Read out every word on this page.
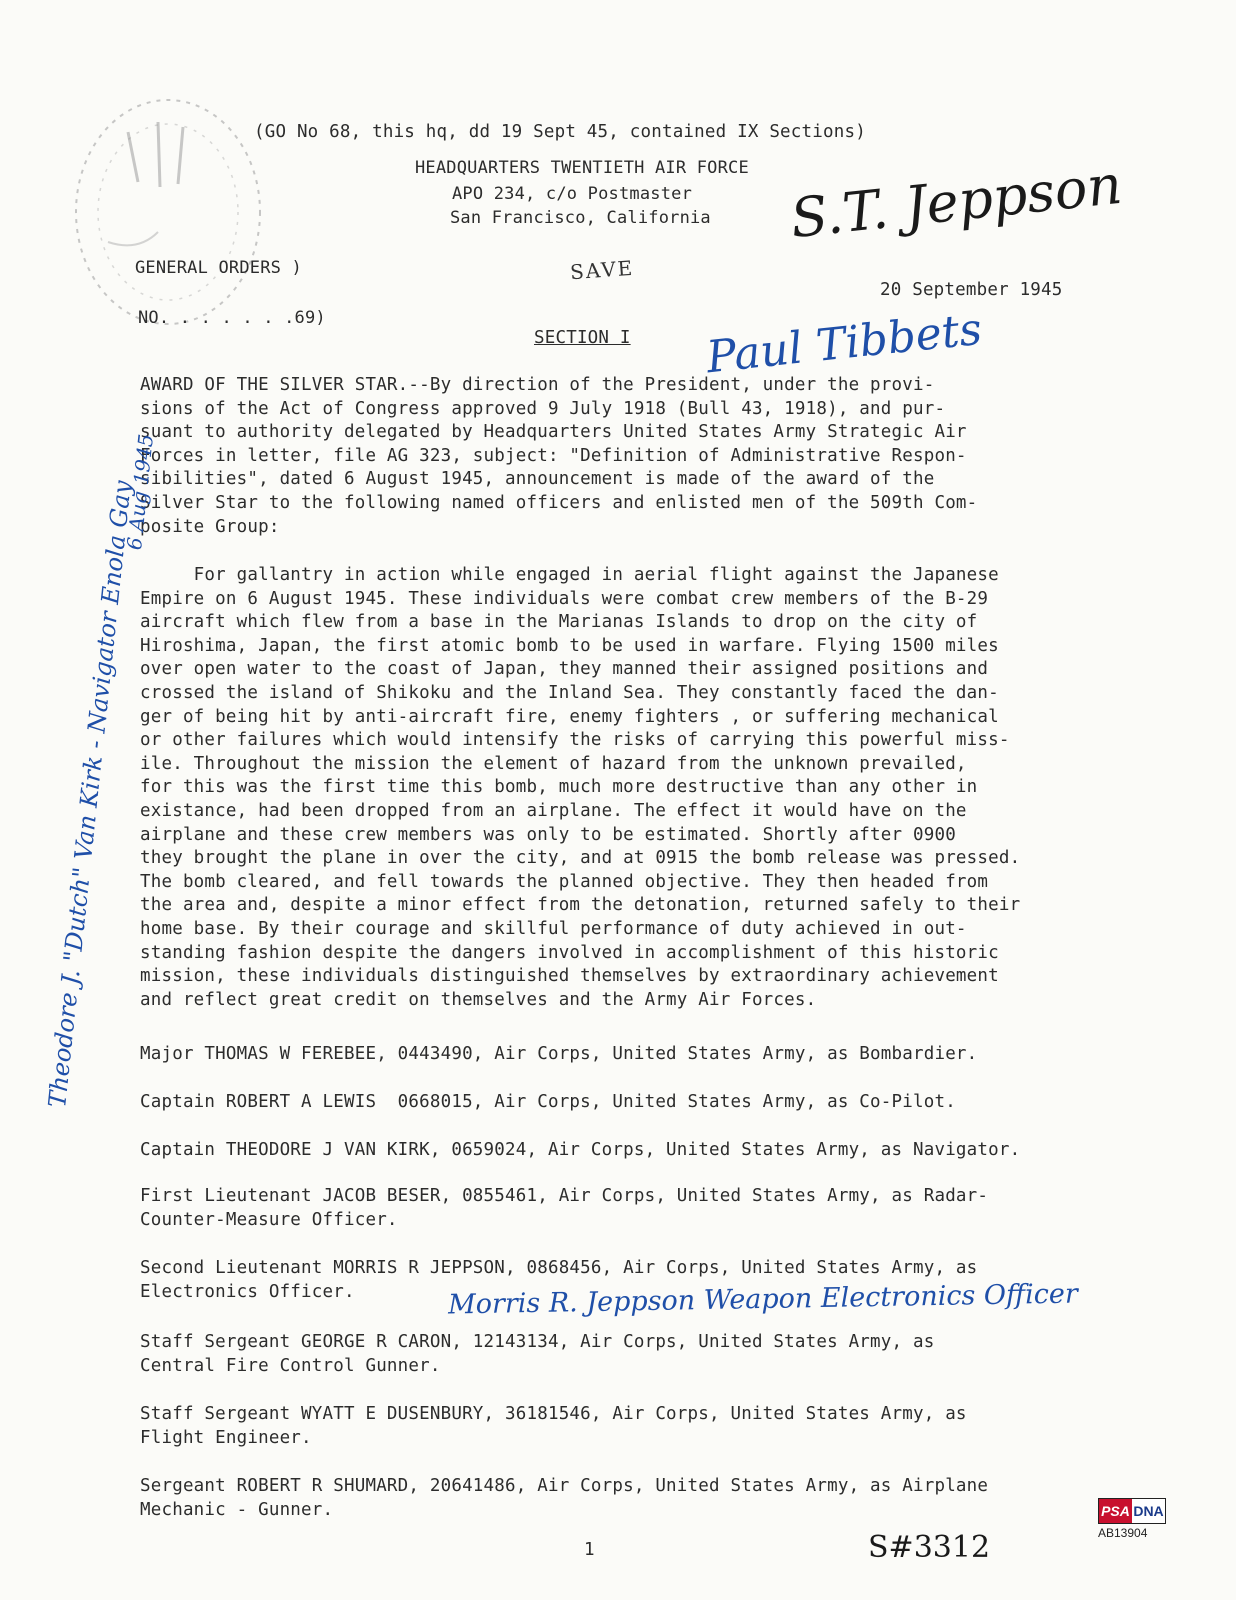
(GO No 68, this hq, dd 19 Sept 45, contained IX Sections)
HEADQUARTERS TWENTIETH AIR FORCE
APO 234, c/o Postmaster
San Francisco, California S.T. Jeppson
GENERAL ORDERS )
NO. . . . . . .69)
SAVE
20 September 1945
SECTION I Paul Tibbets
AWARD OF THE SILVER STAR.--By direction of the President, under the provi-
sions of the Act of Congress approved 9 July 1918 (Bull 43, 1918), and pur-
suant to authority delegated by Headquarters United States Army Strategic Air
Forces in letter, file AG 323, subject: "Definition of Administrative Respon-
sibilities", dated 6 August 1945, announcement is made of the award of the
Silver Star to the following named officers and enlisted men of the 509th Com-
posite Group:
For gallantry in action while engaged in aerial flight against the Japanese
Empire on 6 August 1945. These individuals were combat crew members of the B-29
aircraft which flew from a base in the Marianas Islands to drop on the city of
Hiroshima, Japan, the first atomic bomb to be used in warfare. Flying 1500 miles
over open water to the coast of Japan, they manned their assigned positions and
crossed the island of Shikoku and the Inland Sea. They constantly faced the dan-
ger of being hit by anti-aircraft fire, enemy fighters , or suffering mechanical
or other failures which would intensify the risks of carrying this powerful miss-
ile. Throughout the mission the element of hazard from the unknown prevailed,
for this was the first time this bomb, much more destructive than any other in
existance, had been dropped from an airplane. The effect it would have on the
airplane and these crew members was only to be estimated. Shortly after 0900
they brought the plane in over the city, and at 0915 the bomb release was pressed.
The bomb cleared, and fell towards the planned objective. They then headed from
the area and, despite a minor effect from the detonation, returned safely to their
home base. By their courage and skillful performance of duty achieved in out-
standing fashion despite the dangers involved in accomplishment of this historic
mission, these individuals distinguished themselves by extraordinary achievement
and reflect great credit on themselves and the Army Air Forces.
Major THOMAS W FEREBEE, 0443490, Air Corps, United States Army, as Bombardier.
Captain ROBERT A LEWIS  0668015, Air Corps, United States Army, as Co-Pilot.
Captain THEODORE J VAN KIRK, 0659024, Air Corps, United States Army, as Navigator.
First Lieutenant JACOB BESER, 0855461, Air Corps, United States Army, as Radar-
Counter-Measure Officer.
Second Lieutenant MORRIS R JEPPSON, 0868456, Air Corps, United States Army, as
Electronics Officer.
Staff Sergeant GEORGE R CARON, 12143134, Air Corps, United States Army, as
Central Fire Control Gunner.
Staff Sergeant WYATT E DUSENBURY, 36181546, Air Corps, United States Army, as
Flight Engineer.
Sergeant ROBERT R SHUMARD, 20641486, Air Corps, United States Army, as Airplane
Mechanic - Gunner.
Morris R. Jeppson Weapon Electronics Officer
Theodore J. "Dutch" Van Kirk - Navigator Enola Gay
6 Aug 1945
S#3312
1
PSA DNA
AB13904
